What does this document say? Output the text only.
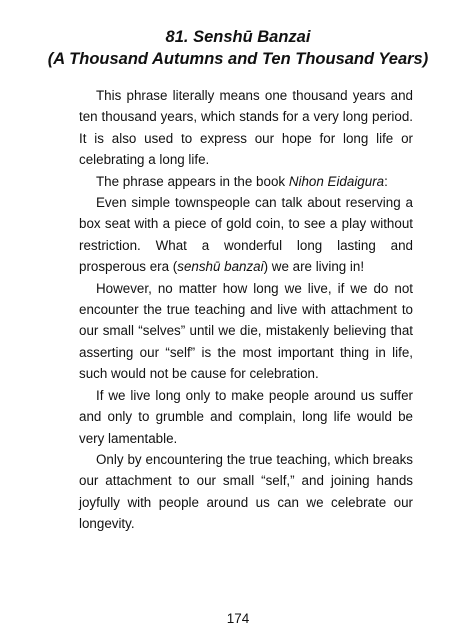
81. Senshū Banzai
(A Thousand Autumns and Ten Thousand Years)

This phrase literally means one thousand years and ten thousand years, which stands for a very long period. It is also used to express our hope for long life or celebrating a long life.

The phrase appears in the book Nihon Eidaigura:

Even simple townspeople can talk about reserving a box seat with a piece of gold coin, to see a play without restriction. What a wonderful long lasting and prosperous era (senshū banzai) we are living in!

However, no matter how long we live, if we do not encounter the true teaching and live with attachment to our small “selves” until we die, mistakenly believing that asserting our “self” is the most important thing in life, such would not be cause for celebration.

If we live long only to make people around us suffer and only to grumble and complain, long life would be very lamentable.

Only by encountering the true teaching, which breaks our attachment to our small “self,” and joining hands joyfully with people around us can we celebrate our longevity.

174
